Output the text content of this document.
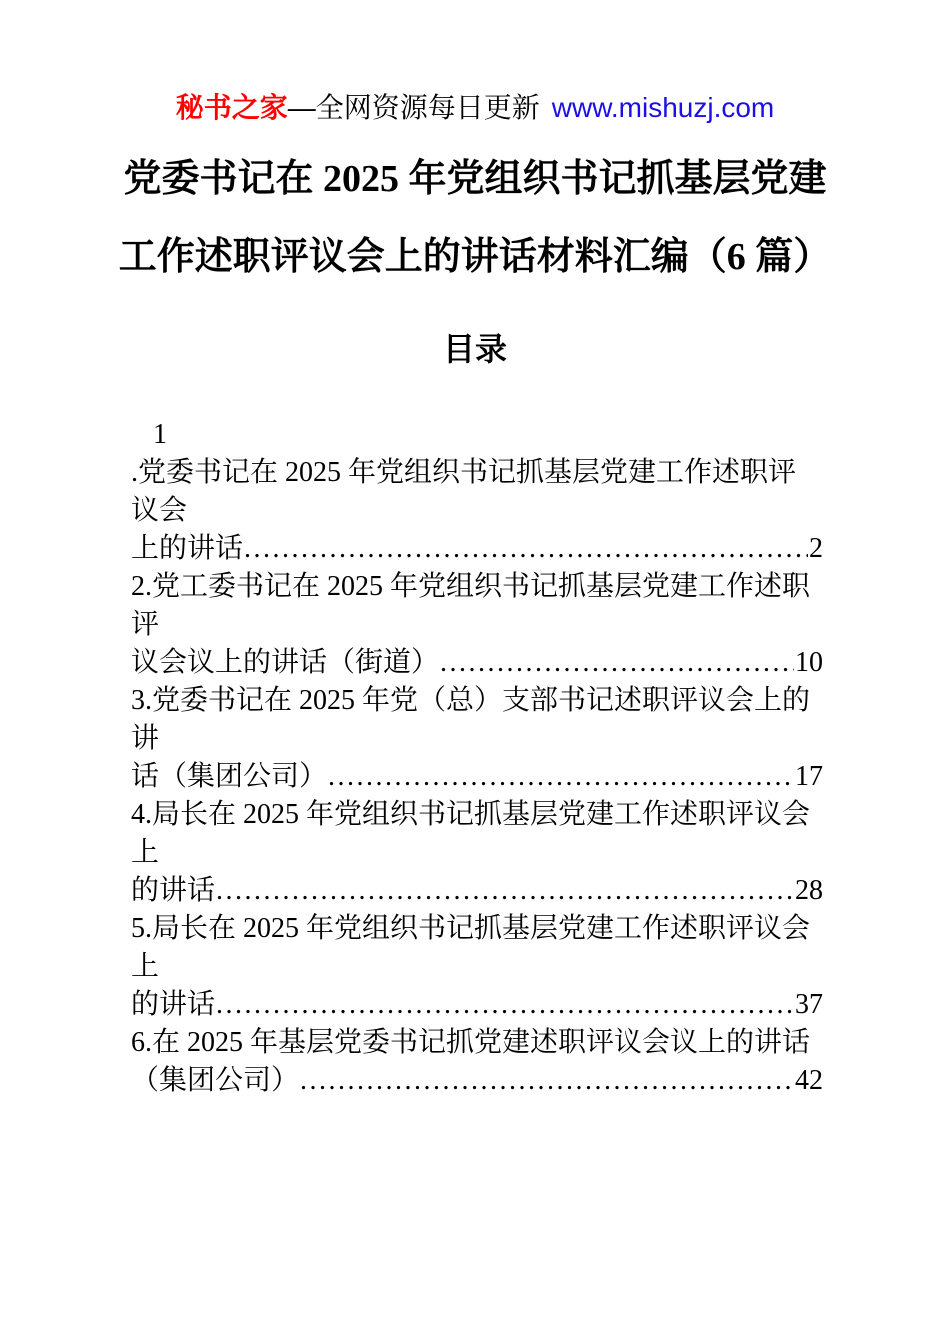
秘书之家—全网资源每日更新 www.mishuzj.com
党委书记在 2025 年党组织书记抓基层党建
工作述职评议会上的讲话材料汇编（6 篇）
目录
1
.党委书记在 2025 年党组织书记抓基层党建工作述职评议会
上的讲话 .....	2
2.党工委书记在 2025 年党组织书记抓基层党建工作述职评
议会议上的讲话（街道） .....	10
3.党委书记在 2025 年党（总）支部书记述职评议会上的讲
话（集团公司） .....	17
4.局长在 2025 年党组织书记抓基层党建工作述职评议会上
的讲话 .....	28
5.局长在 2025 年党组织书记抓基层党建工作述职评议会上
的讲话 .....	37
6.在 2025 年基层党委书记抓党建述职评议会议上的讲话
（集团公司） .....	42
